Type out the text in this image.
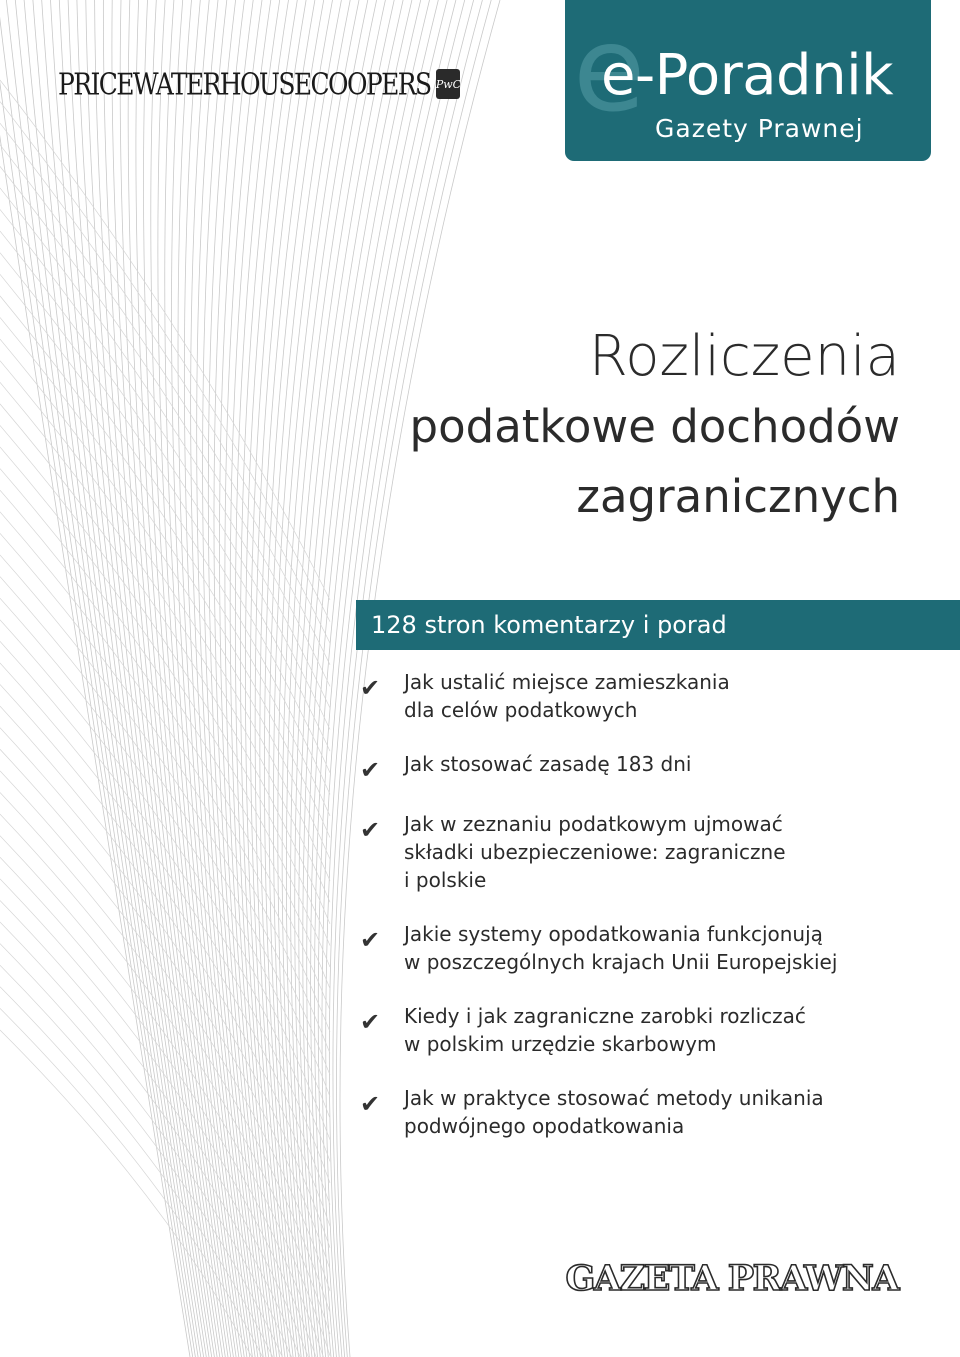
PRICEWATERHOUSECOOPERS PwC e
e-Poradnik
Gazety Prawnej
Rozliczenia
podatkowe dochodów
zagranicznych
128 stron komentarzy i porad
✔	Jak ustalić miejsce zamieszkania
dla celów podatkowych
✔	Jak stosować zasadę 183 dni
✔	Jak w zeznaniu podatkowym ujmować
składki ubezpieczeniowe: zagraniczne
i polskie
✔	Jakie systemy opodatkowania funkcjonują
w poszczególnych krajach Unii Europejskiej
✔	Kiedy i jak zagraniczne zarobki rozliczać
w polskim urzędzie skarbowym
✔	Jak w praktyce stosować metody unikania
podwójnego opodatkowania
GAZETA PRAWNA
